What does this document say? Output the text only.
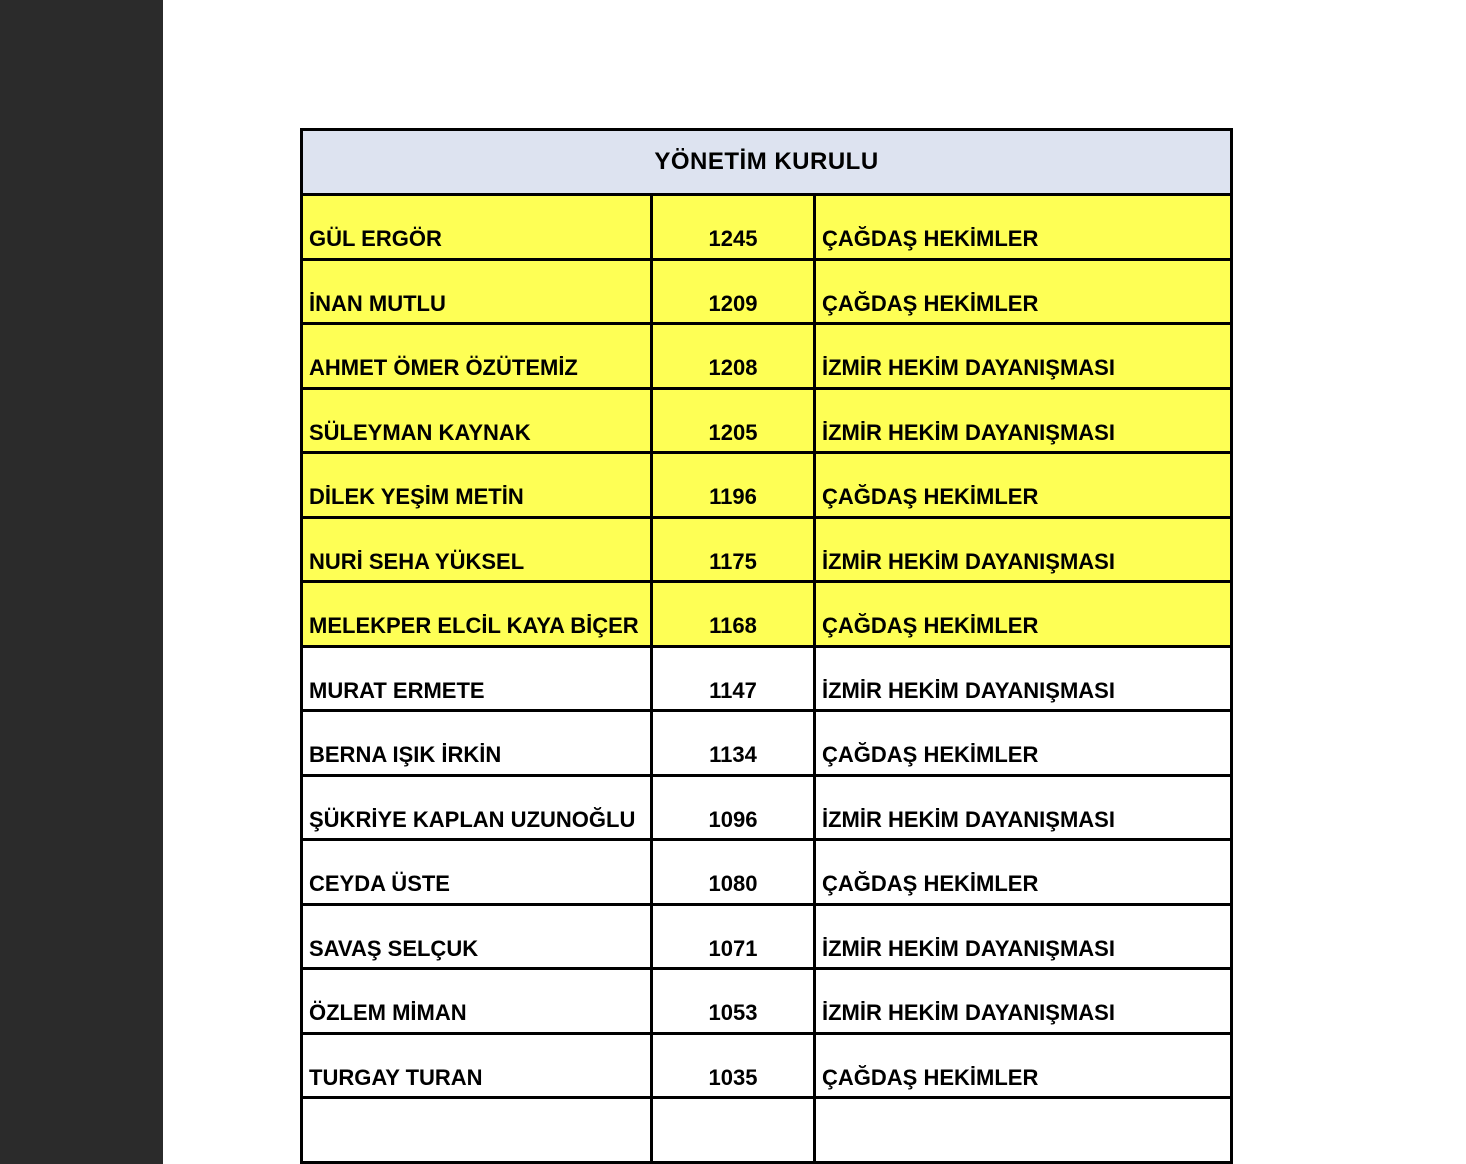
YÖNETİM KURULU		
GÜL ERGÖR	1245	ÇAĞDAŞ HEKİMLER
İNAN MUTLU	1209	ÇAĞDAŞ HEKİMLER
AHMET ÖMER ÖZÜTEMİZ	1208	İZMİR HEKİM DAYANIŞMASI
SÜLEYMAN KAYNAK	1205	İZMİR HEKİM DAYANIŞMASI
DİLEK YEŞİM METİN	1196	ÇAĞDAŞ HEKİMLER
NURİ SEHA YÜKSEL	1175	İZMİR HEKİM DAYANIŞMASI
MELEKPER ELCİL KAYA BİÇER	1168	ÇAĞDAŞ HEKİMLER
MURAT ERMETE	1147	İZMİR HEKİM DAYANIŞMASI
BERNA IŞIK İRKİN	1134	ÇAĞDAŞ HEKİMLER
ŞÜKRİYE KAPLAN UZUNOĞLU	1096	İZMİR HEKİM DAYANIŞMASI
CEYDA ÜSTE	1080	ÇAĞDAŞ HEKİMLER
SAVAŞ SELÇUK	1071	İZMİR HEKİM DAYANIŞMASI
ÖZLEM MİMAN	1053	İZMİR HEKİM DAYANIŞMASI
TURGAY TURAN	1035	ÇAĞDAŞ HEKİMLER
